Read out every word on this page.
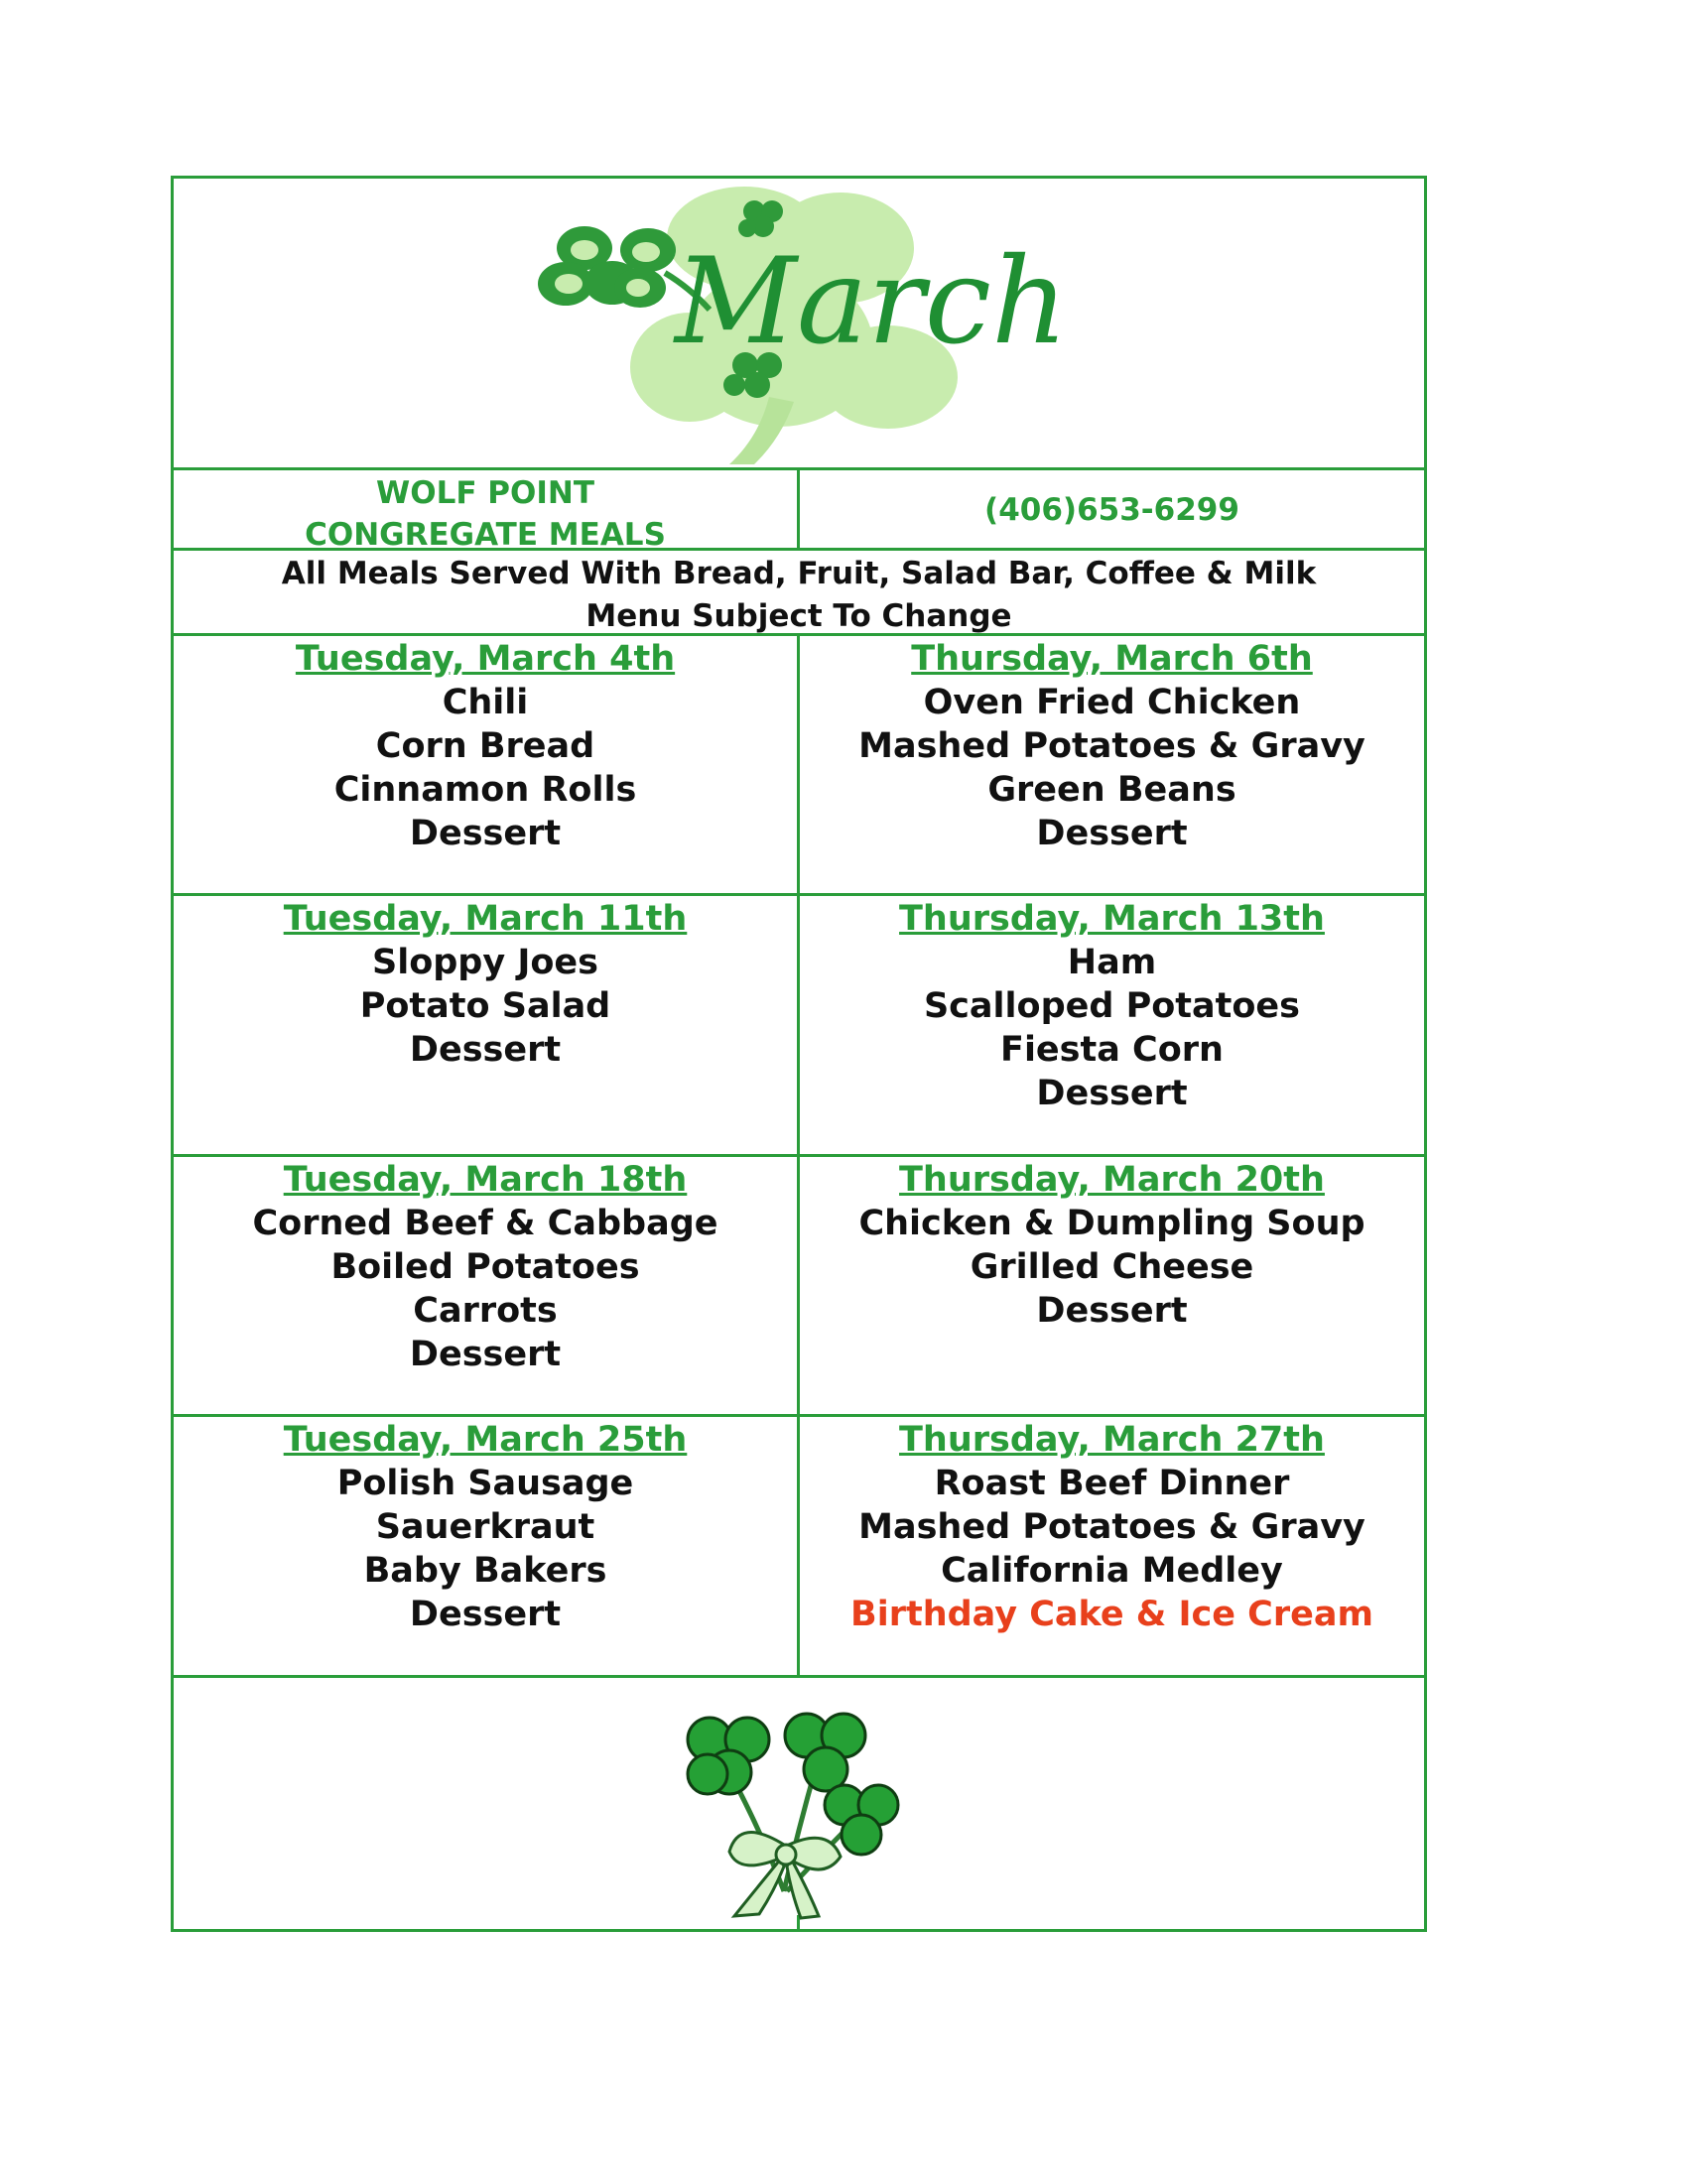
March
WOLF POINT
CONGREGATE MEALS
(406)653-6299
All Meals Served With Bread, Fruit, Salad Bar, Coffee & Milk
Menu Subject To Change
Tuesday, March 4th
Chili
Corn Bread
Cinnamon Rolls
Dessert
Thursday, March 6th
Oven Fried Chicken
Mashed Potatoes & Gravy
Green Beans
Dessert
Tuesday, March 11th
Sloppy Joes
Potato Salad
Dessert
Thursday, March 13th
Ham
Scalloped Potatoes
Fiesta Corn
Dessert
Tuesday, March 18th
Corned Beef & Cabbage
Boiled Potatoes
Carrots
Dessert
Thursday, March 20th
Chicken & Dumpling Soup
Grilled Cheese
Dessert
Tuesday, March 25th
Polish Sausage
Sauerkraut
Baby Bakers
Dessert
Thursday, March 27th
Roast Beef Dinner
Mashed Potatoes & Gravy
California Medley
Birthday Cake & Ice Cream
